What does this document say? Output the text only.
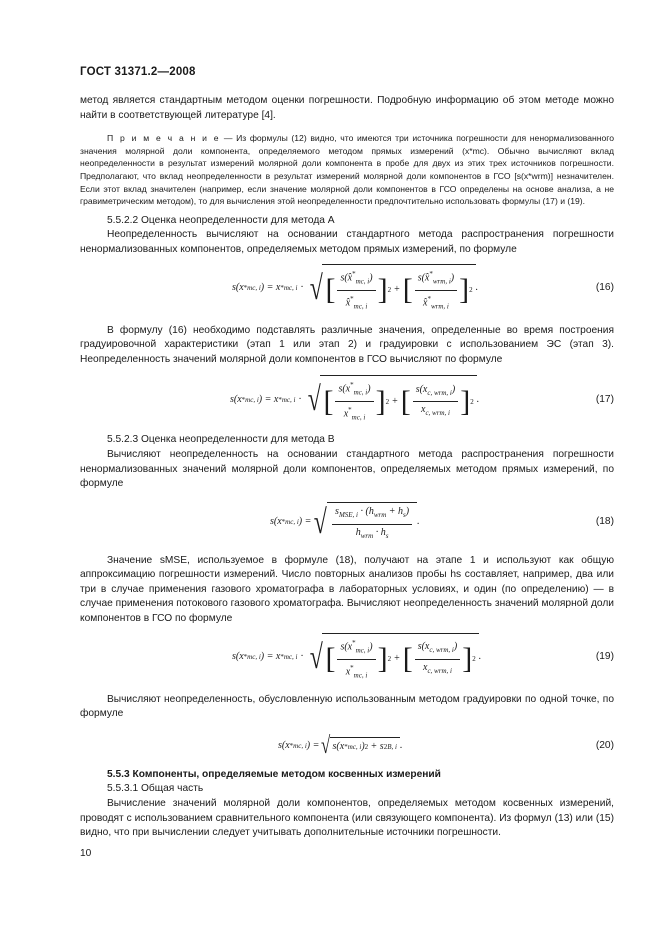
ГОСТ 31371.2—2008

метод является стандартным методом оценки погрешности. Подробную информацию об этом методе можно найти в соответствующей литературе [4].

П р и м е ч а н и е — Из формулы (12) видно, что имеются три источника погрешности для ненормализованного значения молярной доли компонента, определяемого методом прямых измерений (x*mc). Обычно вычисляют вклад неопределенности в результат измерений молярной доли компонента в пробе для двух из этих трех источников погрешности. Предполагают, что вклад неопределенности в результат измерений молярной доли компонентов в ГСО [s(x*wrm)] незначителен. Если этот вклад значителен (например, если значение молярной доли компонентов в ГСО определены на основе анализа, а не гравиметрическим методом), то для вычисления этой неопределенности предпочтительно использовать формулы (17) и (19).

5.5.2.2 Оценка неопределенности для метода А

Неопределенность вычисляют на основании стандартного метода распространения погрешности ненормализованных компонентов, определяемых методом прямых измерений, по формуле

s(x * mc, i ) = x * mc, i · √ [ $\frac{s(x̂^*_{mc, i})}{x̂^*_{mc, i}}$ ] 2 + [ $\frac{s(x̂^*_{wrm, i})}{x̂^*_{wrm, i}}$ ] 2 .	(16)

В формулу (16) необходимо подставлять различные значения, определенные во время построения градуировочной характеристики (этап 1 или этап 2) и градуировки с использованием ЭС (этап 3). Неопределенность значений молярной доли компонентов в ГСО вычисляют по формуле

s(x * mc, i ) = x * mc, i · √ [ $\frac{s(x^*_{mc, i})}{x^*_{mc, i}}$ ] 2 + [ $\frac{s(x_{c, wrm, i})}{x_{c, wrm, i}}$ ] 2 .	(17)

5.5.2.3 Оценка неопределенности для метода В

Вычисляют неопределенность на основании стандартного метода распространения погрешности ненормализованных значений молярной доли компонентов, определяемых методом прямых измерений, по формуле

s(x * mc, i ) = √ $\frac{s_{MSE, i} \cdot (h_{wrm} + h_s)}{h_{wrm} \cdot h_s}$ .	(18)

Значение sMSE, используемое в формуле (18), получают на этапе 1 и используют как общую аппроксимацию погрешности измерений. Число повторных анализов пробы hs составляет, например, два или три в случае применения газового хроматографа в лабораторных условиях, и один (по определению) — в случае применения потокового газового хроматографа. Вычисляют неопределенность значений молярной доли компонентов в ГСО по формуле

s(x * mc, i ) = x * mc, i · √ [ $\frac{s(x^*_{mc, i})}{x^*_{mc, i}}$ ] 2 + [ $\frac{s(x_{c, wrm, i})}{x_{c, wrm, i}}$ ] 2 .	(19)

Вычисляют неопределенность, обусловленную использованным методом градуировки по одной точке, по формуле

s(x * mc, i ) = √ s(x * mc, i ) 2 + s 2 B, i .	(20)

5.5.3 Компоненты, определяемые методом косвенных измерений

5.5.3.1 Общая часть

Вычисление значений молярной доли компонентов, определяемых методом косвенных измерений, проводят с использованием сравнительного компонента (или связующего компонента). Из формул (13) или (15) видно, что при вычислении следует учитывать дополнительные источники погрешности.

10
